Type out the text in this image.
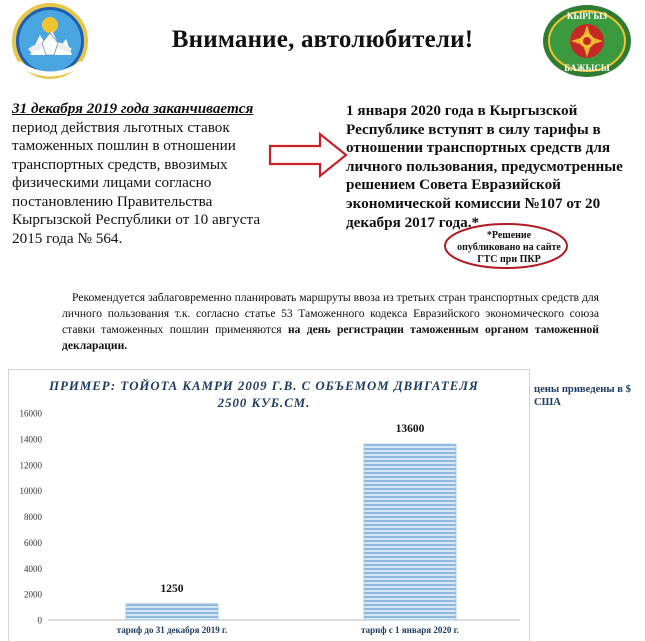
КЫРГЫЗ
БАЖЫСЫ
Внимание, автолюбители!
31 декабря 2019 года заканчивается
период действия льготных ставок таможенных пошлин в отношении транспортных средств, ввозимых физическими лицами согласно постановлению Правительства Кыргызской Республики от 10 августа 2015 года № 564.
1 января 2020 года в Кыргызской Республике вступят в силу тарифы в отношении транспортных средств для личного пользования, предусмотренные решением Совета Евразийской экономической комиссии №107 от 20 декабря 2017 года.*
*Решение опубликовано на сайте ГТС при ПКР
Рекомендуется заблаговременно планировать маршруты ввоза из третьих стран транспортных средств для личного пользования т.к. согласно статье 53 Таможенного кодекса Евразийского экономического союза ставки таможенных пошлин применяются на день регистрации таможенным органом таможенной декларации.
ПРИМЕР: ТОЙОТА КАМРИ 2009 Г.В. С ОБЪЕМОМ ДВИГАТЕЛЯ 2500 КУБ.СМ.
цены приведены в $ США
0
2000
4000
6000
8000
10000
12000
14000
16000
1250
13600
тариф до 31 декабря 2019 г.	тариф с 1 января 2020 г.
